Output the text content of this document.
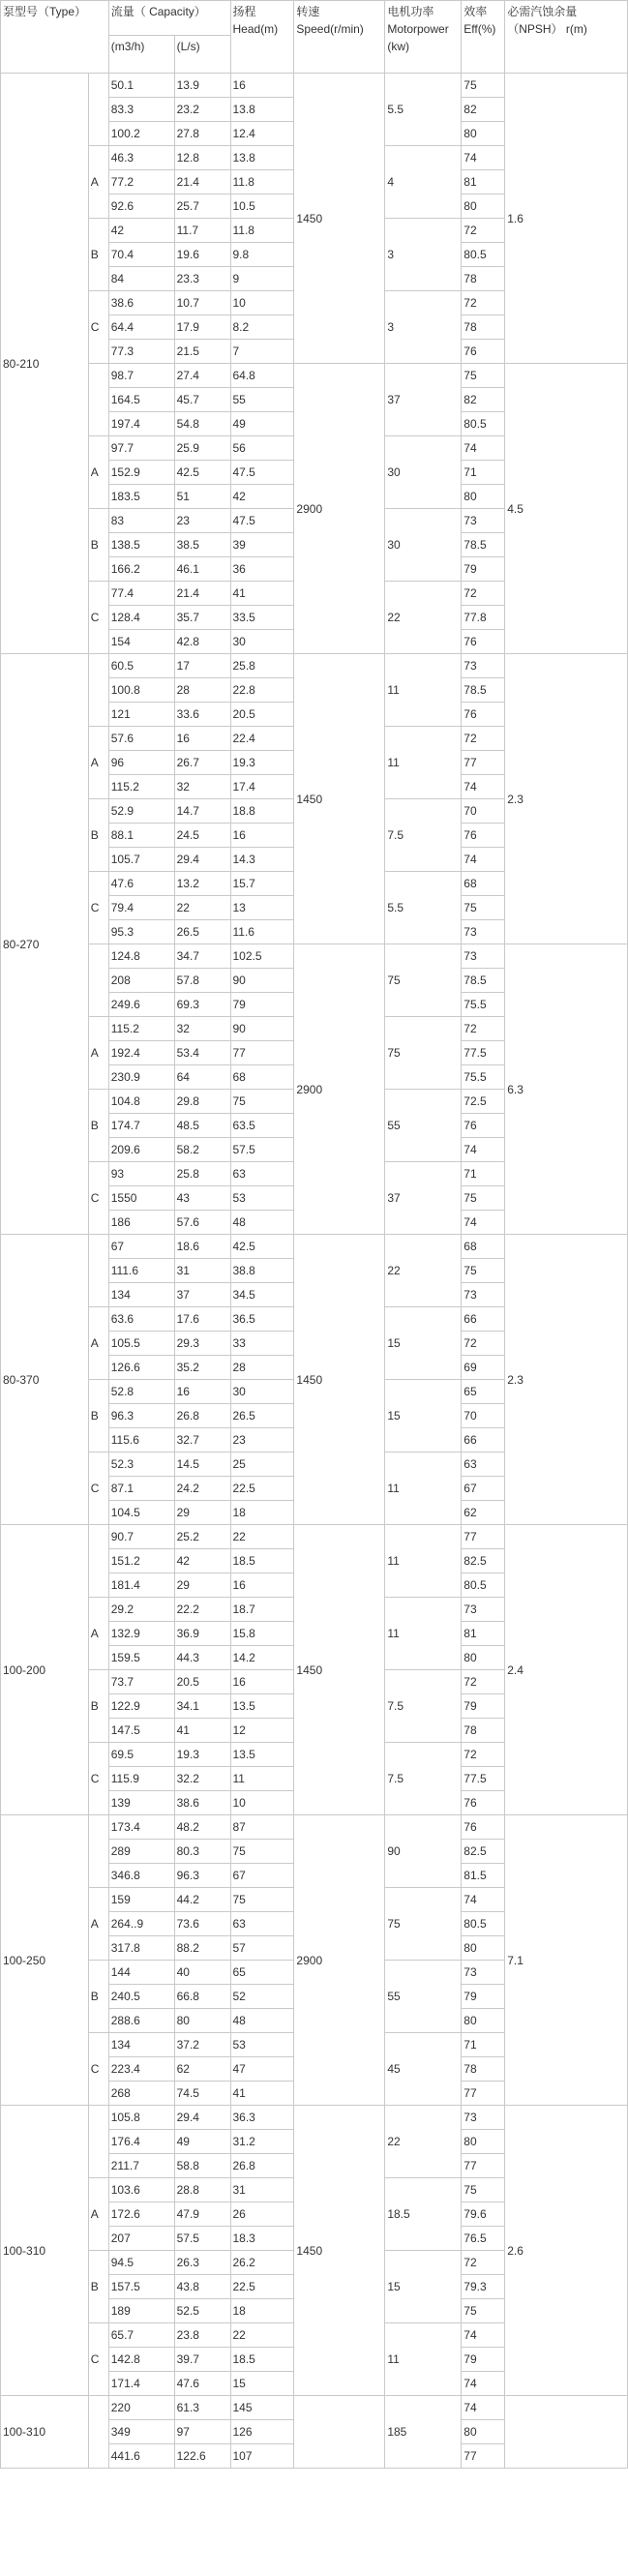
泵型号（Type）		流量（ Capacity）		扬程 Head(m)	转速 Speed(r/min)	电机功率 Motorpower (kw)	效率 Eff(%)	必需汽蚀余量 （NPSH） r(m)
		(m3/h)	(L/s)					
80-210		50.1	13.9	16	1450	5.5	75	1.6
		83.3	23.2	13.8			82	
		100.2	27.8	12.4			80	
	A	46.3	12.8	13.8		4	74	
		77.2	21.4	11.8			81	
		92.6	25.7	10.5			80	
	B	42	11.7	11.8		3	72	
		70.4	19.6	9.8			80.5	
		84	23.3	9			78	
	C	38.6	10.7	10		3	72	
		64.4	17.9	8.2			78	
		77.3	21.5	7			76	
		98.7	27.4	64.8	2900	37	75	4.5
		164.5	45.7	55			82	
		197.4	54.8	49			80.5	
	A	97.7	25.9	56		30	74	
		152.9	42.5	47.5			71	
		183.5	51	42			80	
	B	83	23	47.5		30	73	
		138.5	38.5	39			78.5	
		166.2	46.1	36			79	
	C	77.4	21.4	41		22	72	
		128.4	35.7	33.5			77.8	
		154	42.8	30			76	
80-270		60.5	17	25.8	1450	11	73	2.3
		100.8	28	22.8			78.5	
		121	33.6	20.5			76	
	A	57.6	16	22.4		11	72	
		96	26.7	19.3			77	
		115.2	32	17.4			74	
	B	52.9	14.7	18.8		7.5	70	
		88.1	24.5	16			76	
		105.7	29.4	14.3			74	
	C	47.6	13.2	15.7		5.5	68	
		79.4	22	13			75	
		95.3	26.5	11.6			73	
		124.8	34.7	102.5	2900	75	73	6.3
		208	57.8	90			78.5	
		249.6	69.3	79			75.5	
	A	115.2	32	90		75	72	
		192.4	53.4	77			77.5	
		230.9	64	68			75.5	
	B	104.8	29.8	75		55	72.5	
		174.7	48.5	63.5			76	
		209.6	58.2	57.5			74	
	C	93	25.8	63		37	71	
		1550	43	53			75	
		186	57.6	48			74	
80-370		67	18.6	42.5	1450	22	68	2.3
		111.6	31	38.8			75	
		134	37	34.5			73	
	A	63.6	17.6	36.5		15	66	
		105.5	29.3	33			72	
		126.6	35.2	28			69	
	B	52.8	16	30		15	65	
		96.3	26.8	26.5			70	
		115.6	32.7	23			66	
	C	52.3	14.5	25		11	63	
		87.1	24.2	22.5			67	
		104.5	29	18			62	
100-200		90.7	25.2	22	1450	11	77	2.4
		151.2	42	18.5			82.5	
		181.4	29	16			80.5	
	A	29.2	22.2	18.7		11	73	
		132.9	36.9	15.8			81	
		159.5	44.3	14.2			80	
	B	73.7	20.5	16		7.5	72	
		122.9	34.1	13.5			79	
		147.5	41	12			78	
	C	69.5	19.3	13.5		7.5	72	
		115.9	32.2	11			77.5	
		139	38.6	10			76	
100-250		173.4	48.2	87	2900	90	76	7.1
		289	80.3	75			82.5	
		346.8	96.3	67			81.5	
	A	159	44.2	75		75	74	
		264..9	73.6	63			80.5	
		317.8	88.2	57			80	
	B	144	40	65		55	73	
		240.5	66.8	52			79	
		288.6	80	48			80	
	C	134	37.2	53		45	71	
		223.4	62	47			78	
		268	74.5	41			77	
100-310		105.8	29.4	36.3	1450	22	73	2.6
		176.4	49	31.2			80	
		211.7	58.8	26.8			77	
	A	103.6	28.8	31		18.5	75	
		172.6	47.9	26			79.6	
		207	57.5	18.3			76.5	
	B	94.5	26.3	26.2		15	72	
		157.5	43.8	22.5			79.3	
		189	52.5	18			75	
	C	65.7	23.8	22		11	74	
		142.8	39.7	18.5			79	
		171.4	47.6	15			74	
100-310		220	61.3	145		185	74	
		349	97	126			80	
		441.6	122.6	107			77	
